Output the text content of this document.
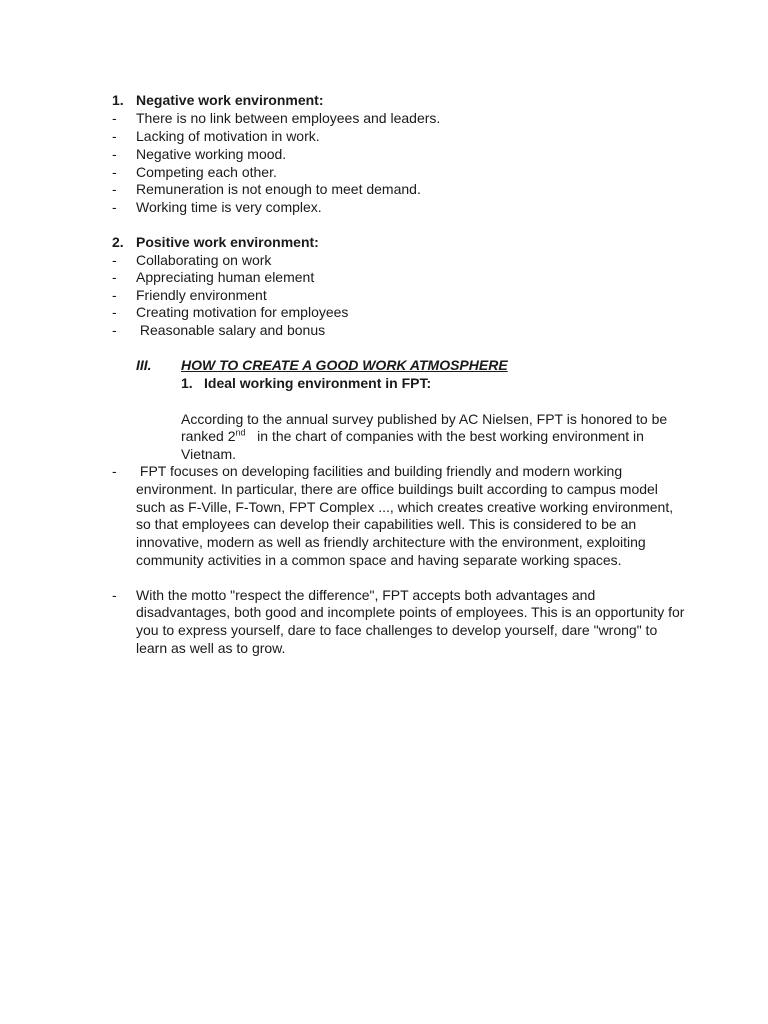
1. Negative work environment:
- There is no link between employees and leaders.
- Lacking of motivation in work.
- Negative working mood.
- Competing each other.
- Remuneration is not enough to meet demand.
- Working time is very complex.
2. Positive work environment:
- Collaborating on work
- Appreciating human element
- Friendly environment
- Creating motivation for employees
- Reasonable salary and bonus
III. HOW TO CREATE A GOOD WORK ATMOSPHERE
1. Ideal working environment in FPT:
According to the annual survey published by AC Nielsen, FPT is honored to be
ranked 2nd   in the chart of companies with the best working environment in
Vietnam.
- FPT focuses on developing facilities and building friendly and modern working
environment. In particular, there are office buildings built according to campus model
such as F-Ville, F-Town, FPT Complex ..., which creates creative working environment,
so that employees can develop their capabilities well. This is considered to be an
innovative, modern as well as friendly architecture with the environment, exploiting
community activities in a common space and having separate working spaces.
- With the motto "respect the difference", FPT accepts both advantages and
disadvantages, both good and incomplete points of employees. This is an opportunity for
you to express yourself, dare to face challenges to develop yourself, dare "wrong" to
learn as well as to grow.
